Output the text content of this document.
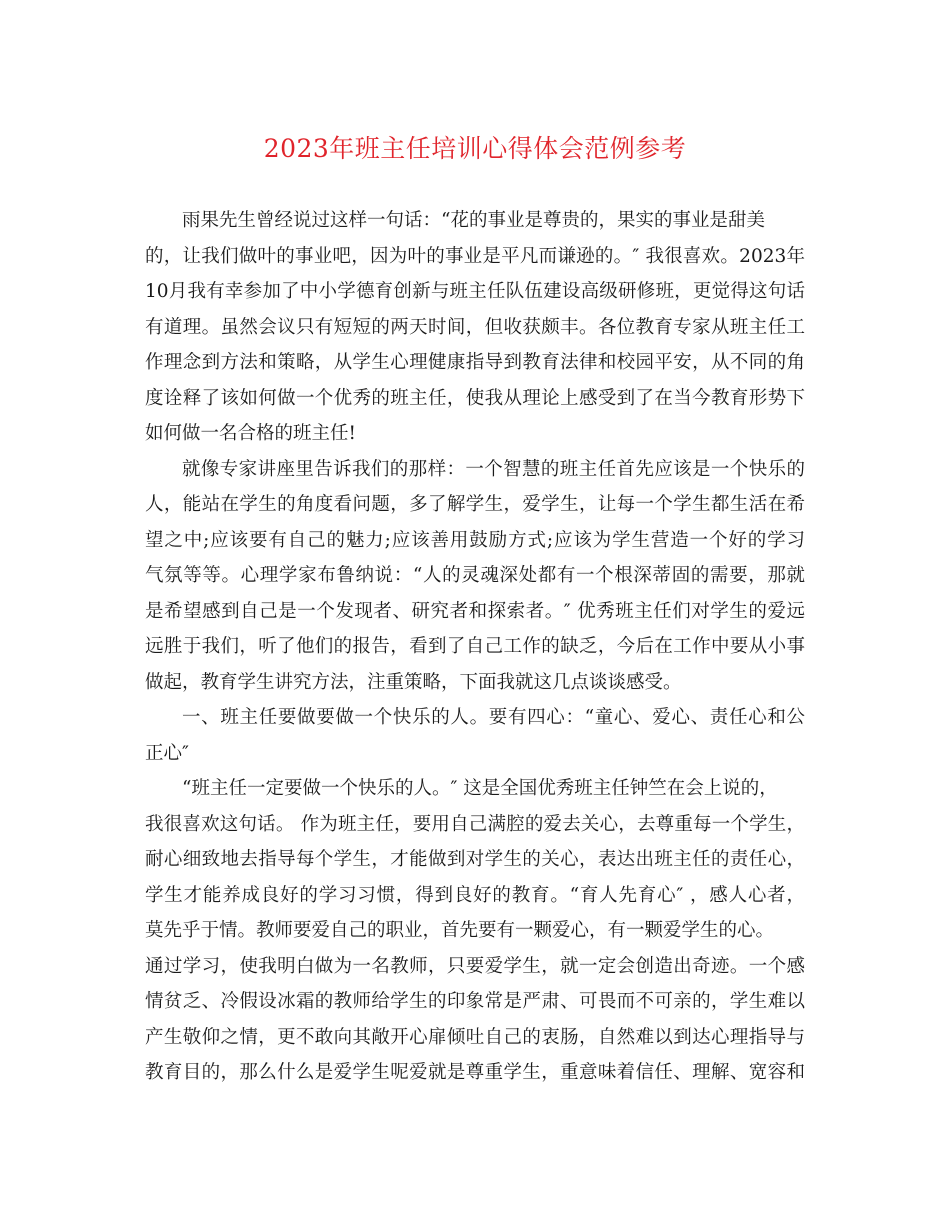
2023年班主任培训心得体会范例参考
雨果先生曾经说过这样一句话：“花的事业是尊贵的，果实的事业是甜美
的，让我们做叶的事业吧，因为叶的事业是平凡而谦逊的。″ 我很喜欢。2023年
10月我有幸参加了中小学德育创新与班主任队伍建设高级研修班，更觉得这句话
有道理。虽然会议只有短短的两天时间，但收获颇丰。各位教育专家从班主任工
作理念到方法和策略，从学生心理健康指导到教育法律和校园平安，从不同的角
度诠释了该如何做一个优秀的班主任，使我从理论上感受到了在当今教育形势下
如何做一名合格的班主任!
就像专家讲座里告诉我们的那样：一个智慧的班主任首先应该是一个快乐的
人，能站在学生的角度看问题，多了解学生，爱学生，让每一个学生都生活在希
望之中;应该要有自己的魅力;应该善用鼓励方式;应该为学生营造一个好的学习
气氛等等。心理学家布鲁纳说：“人的灵魂深处都有一个根深蒂固的需要，那就
是希望感到自己是一个发现者、研究者和探索者。″ 优秀班主任们对学生的爱远
远胜于我们，听了他们的报告，看到了自己工作的缺乏，今后在工作中要从小事
做起，教育学生讲究方法，注重策略，下面我就这几点谈谈感受。
一、班主任要做要做一个快乐的人。要有四心：“童心、爱心、责任心和公
正心″
“班主任一定要做一个快乐的人。″ 这是全国优秀班主任钟竺在会上说的，
我很喜欢这句话。 作为班主任，要用自己满腔的爱去关心，去尊重每一个学生，
耐心细致地去指导每个学生，才能做到对学生的关心，表达出班主任的责任心，
学生才能养成良好的学习习惯，得到良好的教育。“育人先育心″ ，感人心者，
莫先乎于情。教师要爱自己的职业，首先要有一颗爱心，有一颗爱学生的心。
通过学习，使我明白做为一名教师，只要爱学生，就一定会创造出奇迹。一个感
情贫乏、冷假设冰霜的教师给学生的印象常是严肃、可畏而不可亲的，学生难以
产生敬仰之情，更不敢向其敞开心扉倾吐自己的衷肠，自然难以到达心理指导与
教育目的，那么什么是爱学生呢爱就是尊重学生，重意味着信任、理解、宽容和
